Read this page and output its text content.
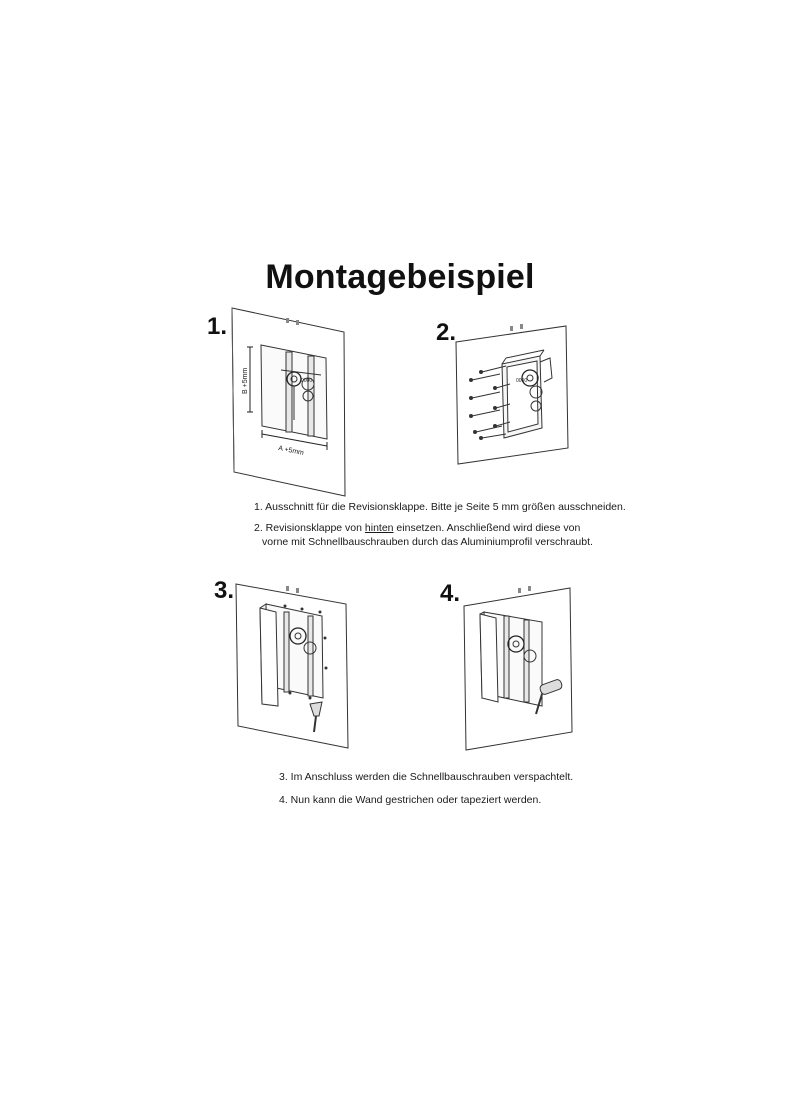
Montagebeispiel
1.	2.
3.	4.
B +5mm
A +5mm
0000	0000
1. Ausschnitt für die Revisionsklappe. Bitte je Seite 5 mm größen ausschneiden.
2. Revisionsklappe von hinten einsetzen. Anschließend wird diese von
vorne mit Schnellbauschrauben durch das Aluminiumprofil verschraubt.
3. Im Anschluss werden die Schnellbauschrauben verspachtelt.
4. Nun kann die Wand gestrichen oder tapeziert werden.
